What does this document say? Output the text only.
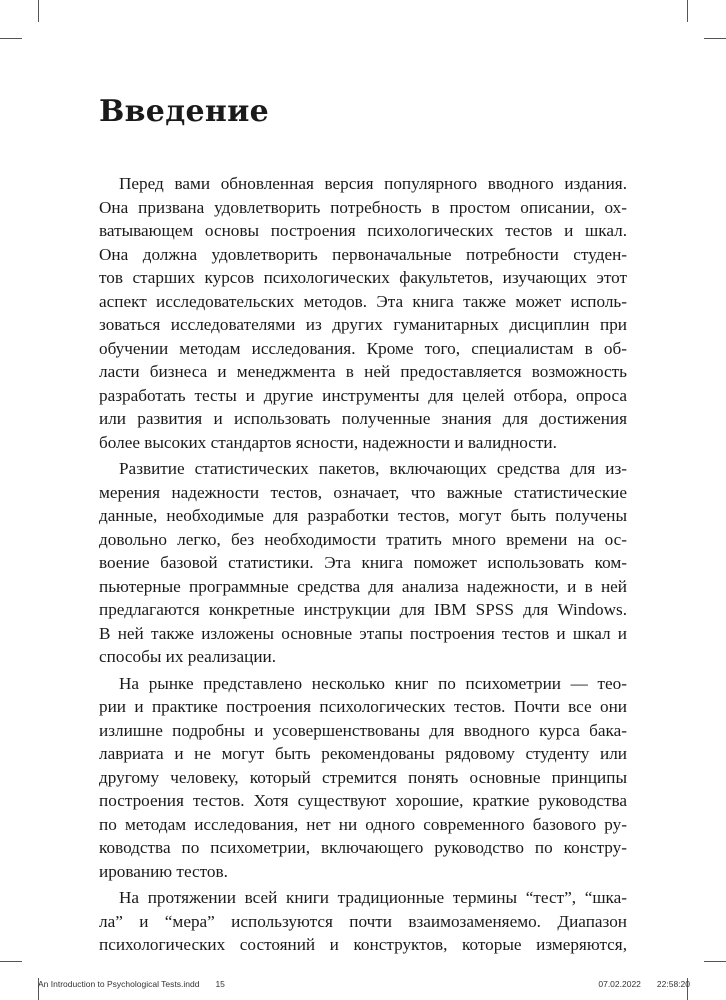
Введение

Перед вами обновленная версия популярного вводного издания.
Она призвана удовлетворить потребность в простом описании, ох-
ватывающем основы построения психологических тестов и шкал.
Она должна удовлетворить первоначальные потребности студен-
тов старших курсов психологических факультетов, изучающих этот
аспект исследовательских методов. Эта книга также может исполь-
зоваться исследователями из других гуманитарных дисциплин при
обучении методам исследования. Кроме того, специалистам в об-
ласти бизнеса и менеджмента в ней предоставляется возможность
разработать тесты и другие инструменты для целей отбора, опроса
или развития и использовать полученные знания для достижения
более высоких стандартов ясности, надежности и валидности.

Развитие статистических пакетов, включающих средства для из-
мерения надежности тестов, означает, что важные статистические
данные, необходимые для разработки тестов, могут быть получены
довольно легко, без необходимости тратить много времени на ос-
воение базовой статистики. Эта книга поможет использовать ком-
пьютерные программные средства для анализа надежности, и в ней
предлагаются конкретные инструкции для IBM SPSS для Windows.
В ней также изложены основные этапы построения тестов и шкал и
способы их реализации.

На рынке представлено несколько книг по психометрии — тео-
рии и практике построения психологических тестов. Почти все они
излишне подробны и усовершенствованы для вводного курса бака-
лавриата и не могут быть рекомендованы рядовому студенту или
другому человеку, который стремится понять основные принципы
построения тестов. Хотя существуют хорошие, краткие руководства
по методам исследования, нет ни одного современного базового ру-
ководства по психометрии, включающего руководство по констру-
ированию тестов.

На протяжении всей книги традиционные термины “тест”, “шка-
ла” и “мера” используются почти взаимозаменяемо. Диапазон
психологических состояний и конструктов, которые измеряются,

An Introduction to Psychological Tests.indd 15	07.02.2022 22:58:20
